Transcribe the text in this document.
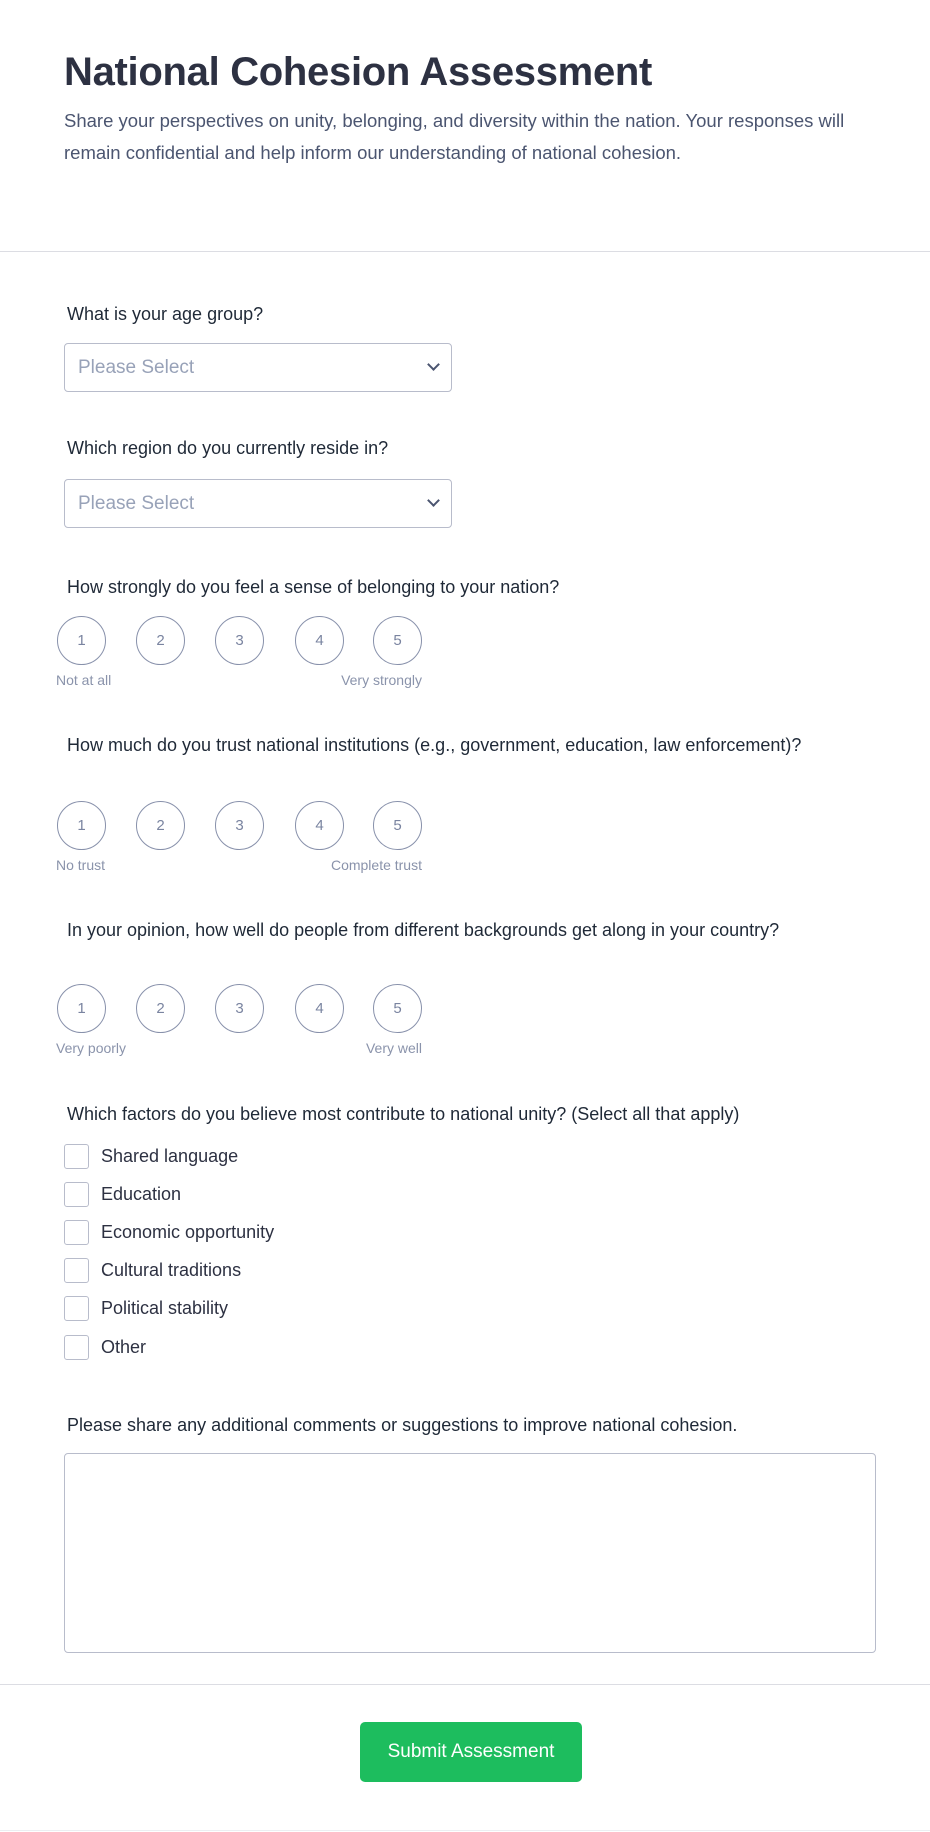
National Cohesion Assessment

Share your perspectives on unity, belonging, and diversity within the nation. Your responses will remain confidential and help inform our understanding of national cohesion.

What is your age group?
Please Select
Which region do you currently reside in?
Please Select
How strongly do you feel a sense of belonging to your nation?
How much do you trust national institutions (e.g., government, education, law enforcement)?
In your opinion, how well do people from different backgrounds get along in your country?
Which factors do you believe most contribute to national unity? (Select all that apply)
Shared language
Education
Economic opportunity
Cultural traditions
Political stability
Other
Please share any additional comments or suggestions to improve national cohesion.
Submit Assessment
1	2	3	4	5
Not at all	Very strongly
1	2	3	4	5
No trust	Complete trust
1	2	3	4	5
Very poorly	Very well
